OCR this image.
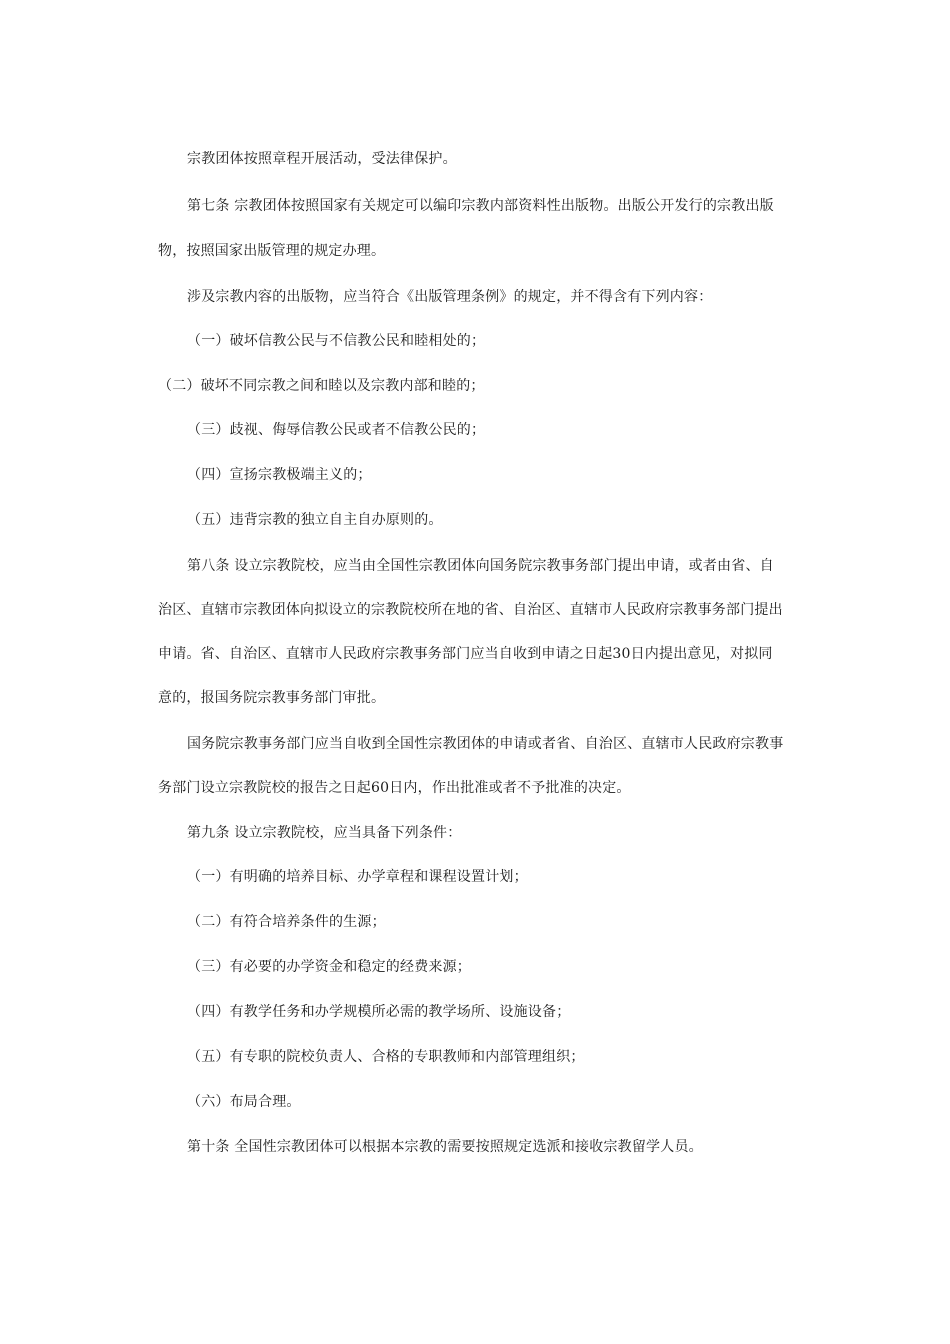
宗教团体按照章程开展活动，受法律保护。
第七条 宗教团体按照国家有关规定可以编印宗教内部资料性出版物。出版公开发行的宗教出版
物，按照国家出版管理的规定办理。
涉及宗教内容的出版物，应当符合《出版管理条例》的规定，并不得含有下列内容：
（一）破坏信教公民与不信教公民和睦相处的；
（二）破坏不同宗教之间和睦以及宗教内部和睦的；
（三）歧视、侮辱信教公民或者不信教公民的；
（四）宣扬宗教极端主义的；
（五）违背宗教的独立自主自办原则的。
第八条 设立宗教院校，应当由全国性宗教团体向国务院宗教事务部门提出申请，或者由省、自
治区、直辖市宗教团体向拟设立的宗教院校所在地的省、自治区、直辖市人民政府宗教事务部门提出
申请。省、自治区、直辖市人民政府宗教事务部门应当自收到申请之日起30日内提出意见，对拟同
意的，报国务院宗教事务部门审批。
国务院宗教事务部门应当自收到全国性宗教团体的申请或者省、自治区、直辖市人民政府宗教事
务部门设立宗教院校的报告之日起60日内，作出批准或者不予批准的决定。
第九条 设立宗教院校，应当具备下列条件：
（一）有明确的培养目标、办学章程和课程设置计划；
（二）有符合培养条件的生源；
（三）有必要的办学资金和稳定的经费来源；
（四）有教学任务和办学规模所必需的教学场所、设施设备；
（五）有专职的院校负责人、合格的专职教师和内部管理组织；
（六）布局合理。
第十条 全国性宗教团体可以根据本宗教的需要按照规定选派和接收宗教留学人员。
